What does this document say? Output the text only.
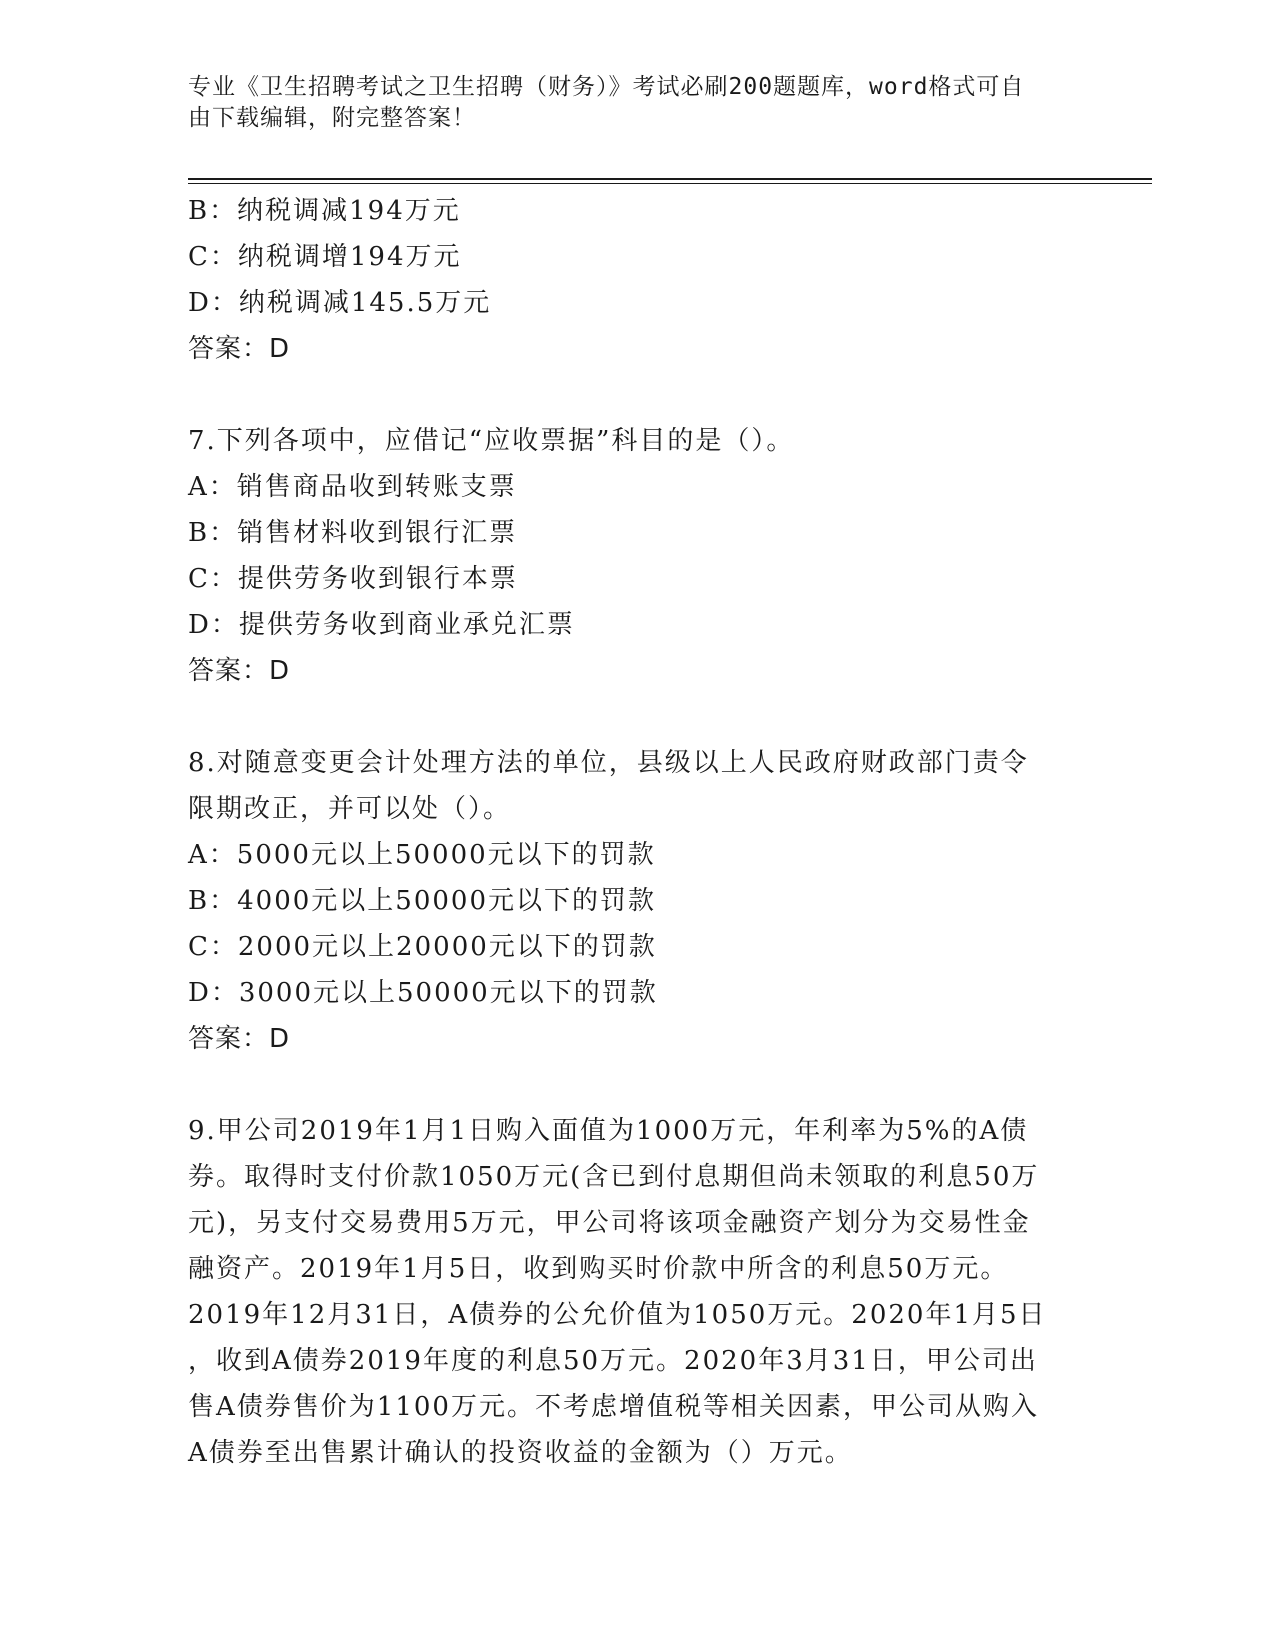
专业《卫生招聘考试之卫生招聘（财务）》考试必刷200题题库，word格式可自
由下载编辑，附完整答案！
B：纳税调减194万元
C：纳税调增194万元
D：纳税调减145.5万元
答案：D
7.下列各项中，应借记“应收票据”科目的是（）。
A：销售商品收到转账支票
B：销售材料收到银行汇票
C：提供劳务收到银行本票
D：提供劳务收到商业承兑汇票
答案：D
8.对随意变更会计处理方法的单位，县级以上人民政府财政部门责令
限期改正，并可以处（）。
A：5000元以上50000元以下的罚款
B：4000元以上50000元以下的罚款
C：2000元以上20000元以下的罚款
D：3000元以上50000元以下的罚款
答案：D
9.甲公司2019年1月1日购入面值为1000万元，年利率为5%的A债
券。取得时支付价款1050万元(含已到付息期但尚未领取的利息50万
元)，另支付交易费用5万元，甲公司将该项金融资产划分为交易性金
融资产。2019年1月5日，收到购买时价款中所含的利息50万元。
2019年12月31日，A债券的公允价值为1050万元。2020年1月5日
，收到A债券2019年度的利息50万元。2020年3月31日，甲公司出
售A债券售价为1100万元。不考虑增值税等相关因素，甲公司从购入
A债券至出售累计确认的投资收益的金额为（）万元。
